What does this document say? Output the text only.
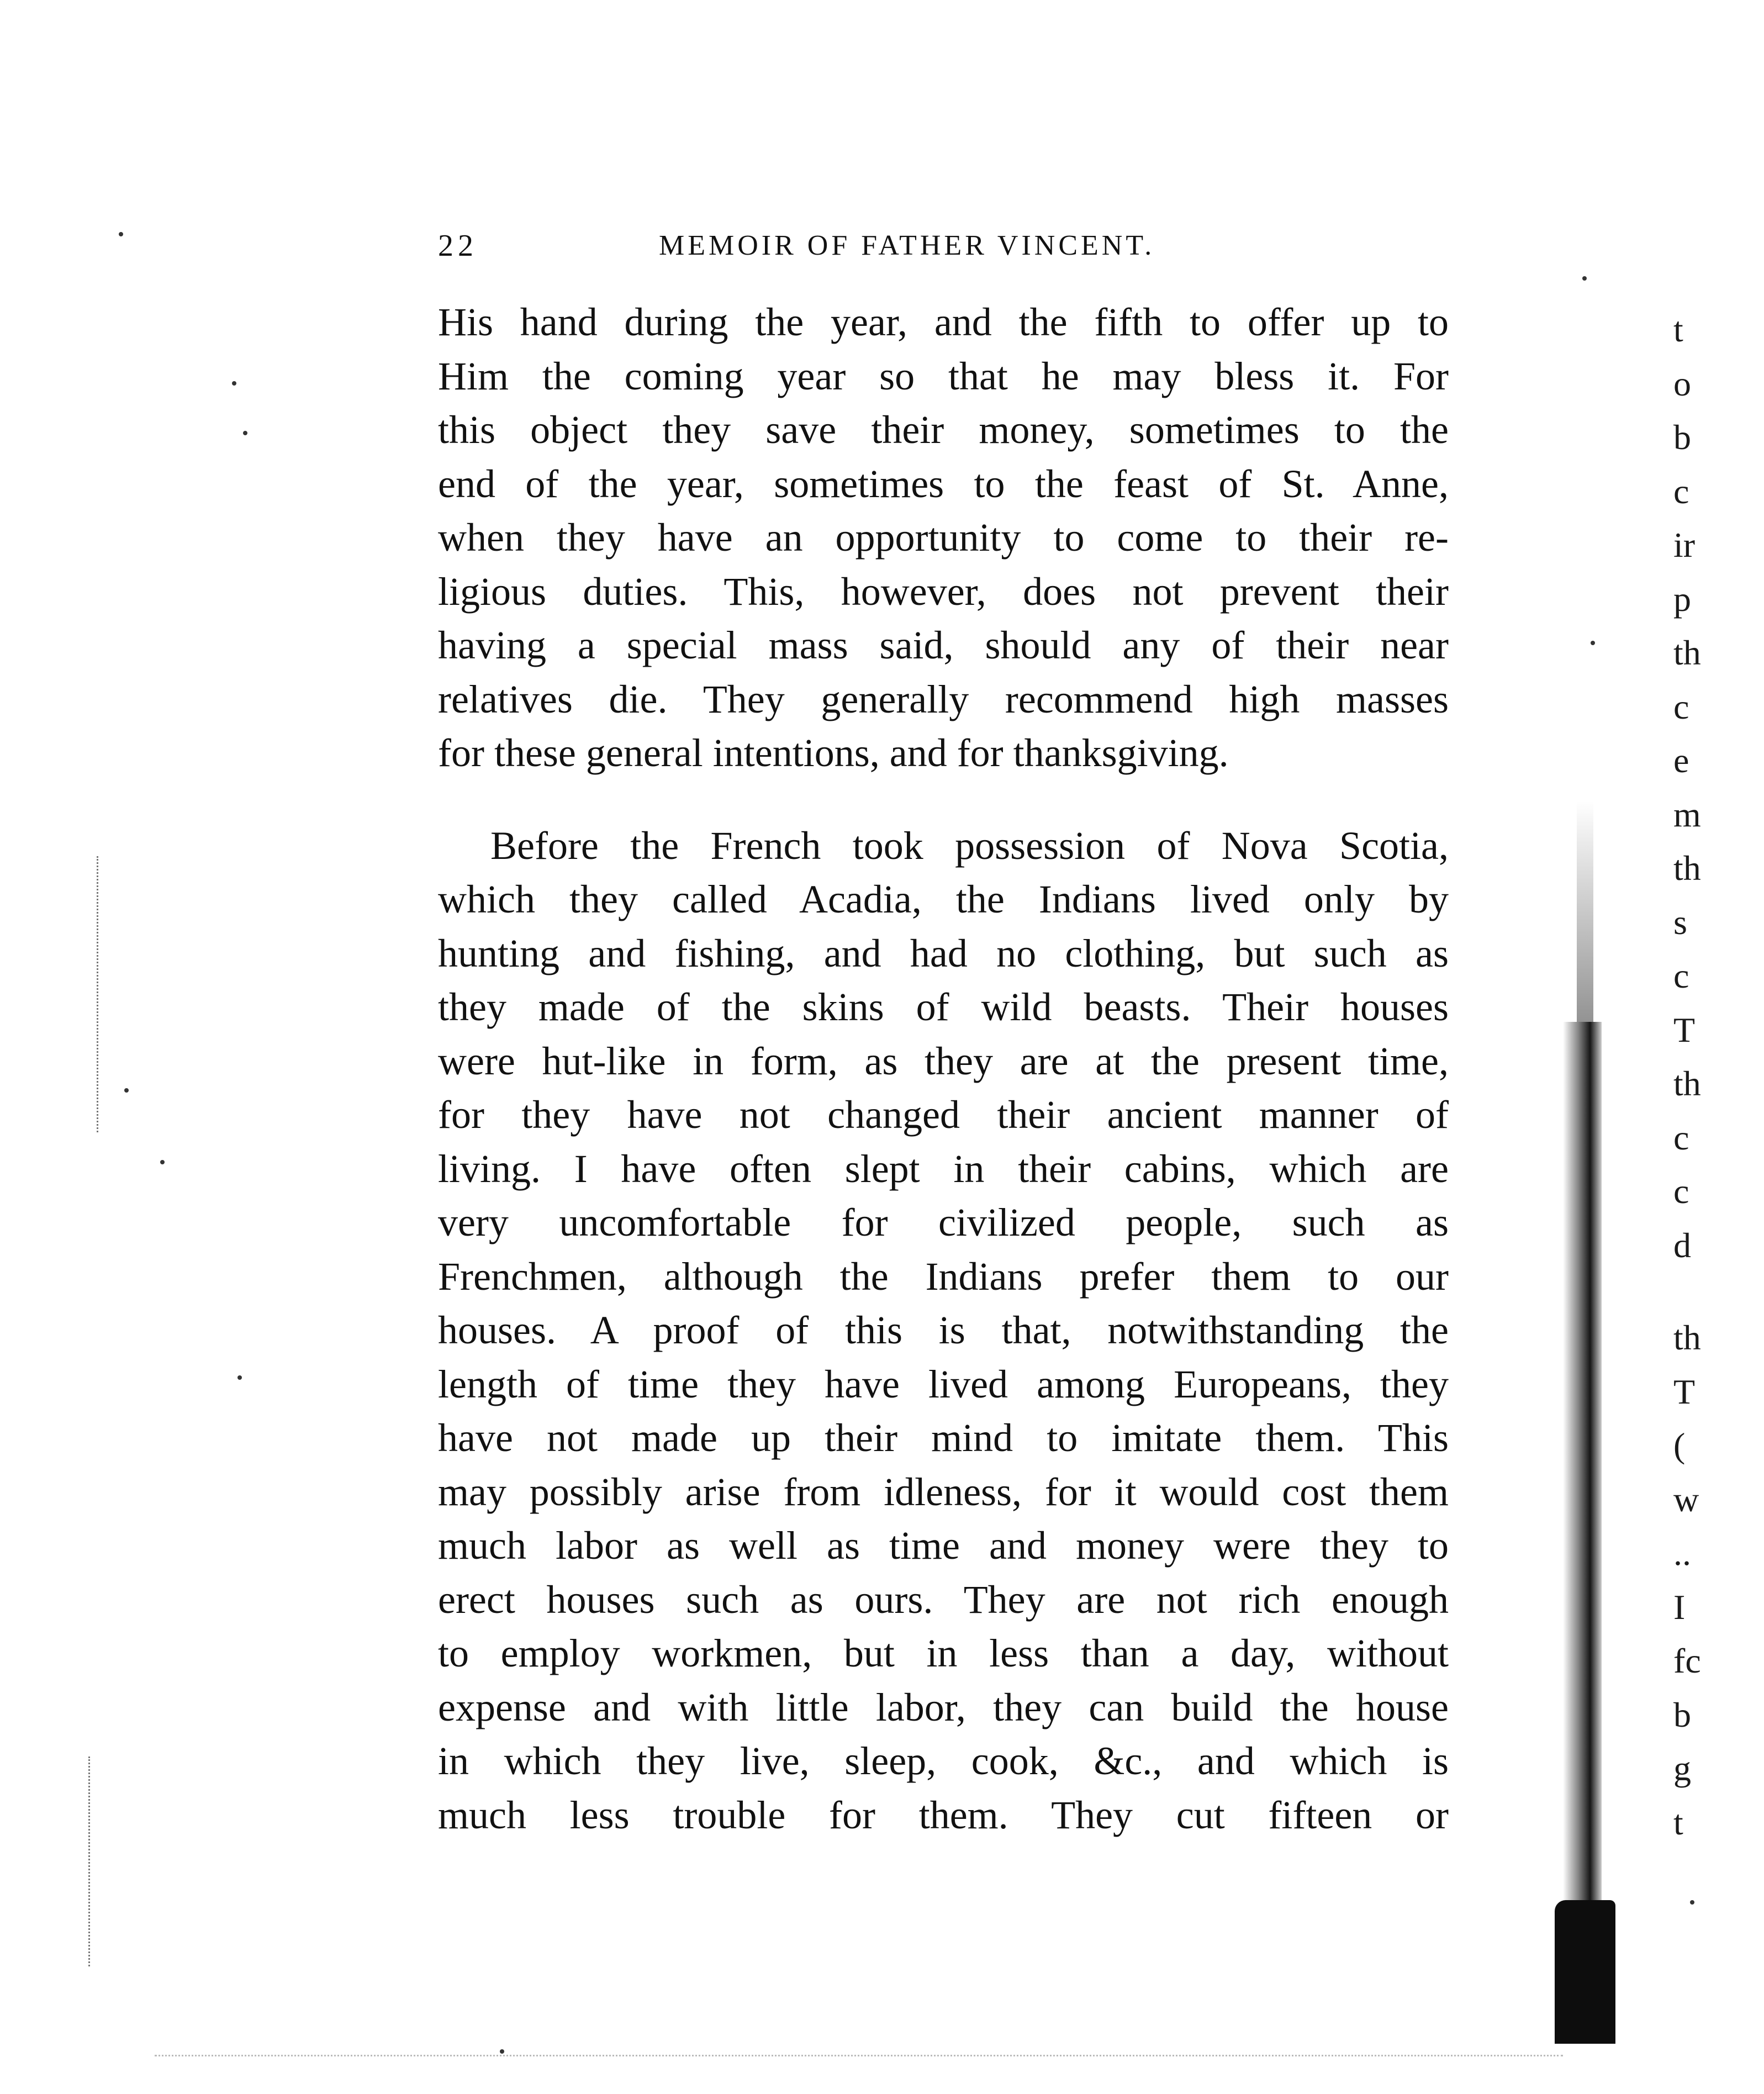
22	MEMOIR OF FATHER VINCENT.
His hand during the year, and the fifth to offer up to
Him the coming year so that he may bless it. For
this object they save their money, sometimes to the
end of the year, sometimes to the feast of St. Anne,
when they have an opportunity to come to their re-
ligious duties. This, however, does not prevent their
having a special mass said, should any of their near
relatives die. They generally recommend high masses
for these general intentions, and for thanksgiving.
Before the French took possession of Nova Scotia,
which they called Acadia, the Indians lived only by
hunting and fishing, and had no clothing, but such as
they made of the skins of wild beasts. Their houses
were hut-like in form, as they are at the present time,
for they have not changed their ancient manner of
living. I have often slept in their cabins, which are
very uncomfortable for civilized people, such as
Frenchmen, although the Indians prefer them to our
houses. A proof of this is that, notwithstanding the
length of time they have lived among Europeans, they
have not made up their mind to imitate them. This
may possibly arise from idleness, for it would cost them
much labor as well as time and money were they to
erect houses such as ours. They are not rich enough
to employ workmen, but in less than a day, without
expense and with little labor, they can build the house
in which they live, sleep, cook, &c., and which is
much less trouble for them. They cut fifteen or
t
o
b
c
ir
p
th
c
e
m
th
s
c
T
th
c
c
d
th
T
(
w
..
I
fc
b
g
t
